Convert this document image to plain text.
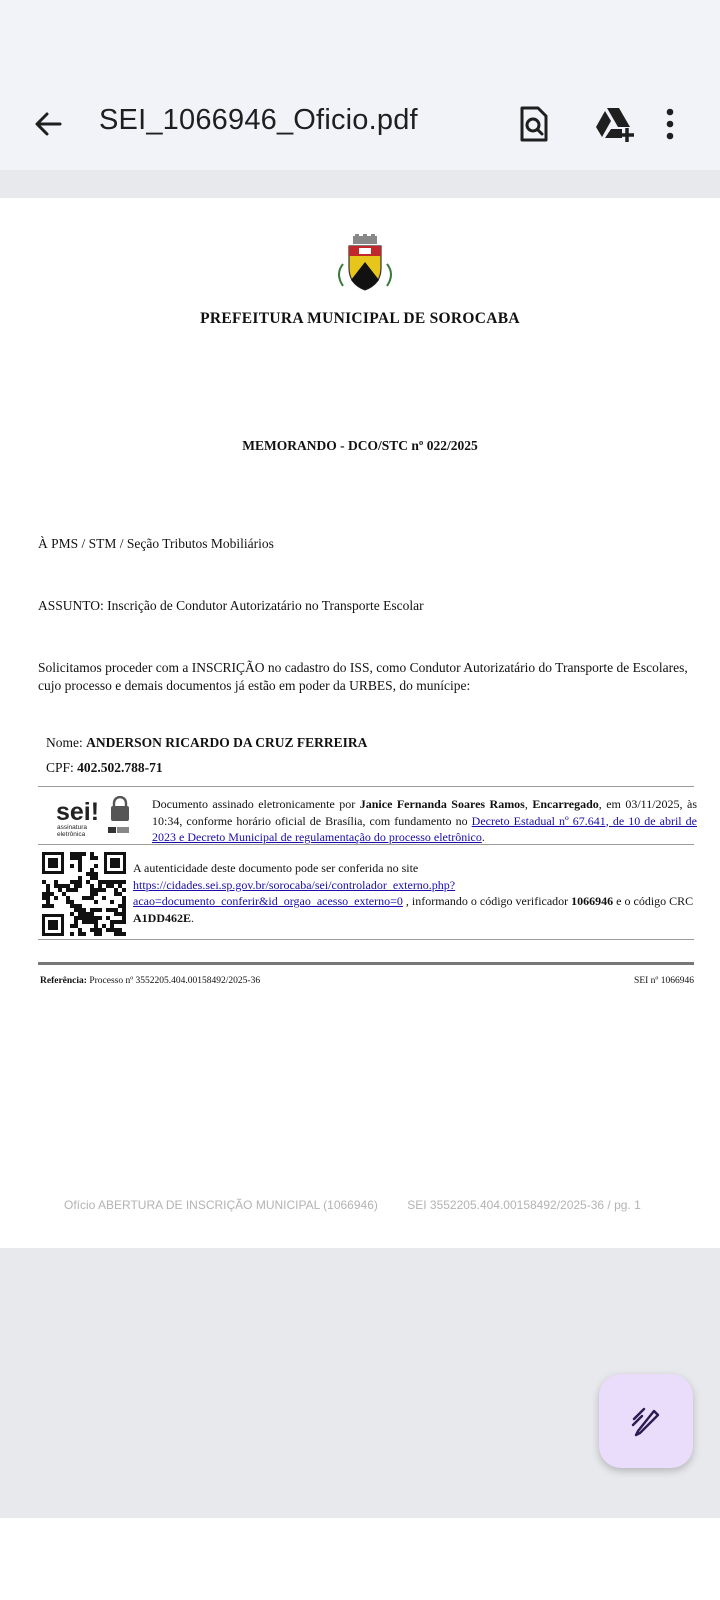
SEI_1066946_Oficio.pdf
PREFEITURA MUNICIPAL DE SOROCABA
MEMORANDO - DCO/STC nº 022/2025
À PMS / STM / Seção Tributos Mobiliários
ASSUNTO: Inscrição de Condutor Autorizatário no Transporte Escolar
Solicitamos proceder com a INSCRIÇÃO no cadastro do ISS, como Condutor Autorizatário do Transporte de Escolares, cujo processo e demais documentos já estão em poder da URBES, do munícipe:
Nome: ANDERSON RICARDO DA CRUZ FERREIRA
CPF: 402.502.788-71
sei!
assinatura
eletrônica
Documento assinado eletronicamente por Janice Fernanda Soares Ramos, Encarregado, em 03/11/2025, às 10:34, conforme horário oficial de Brasília, com fundamento no Decreto Estadual nº 67.641, de 10 de abril de 2023 e Decreto Municipal de regulamentação do processo eletrônico.
A autenticidade deste documento pode ser conferida no site
https://cidades.sei.sp.gov.br/sorocaba/sei/controlador_externo.php?
acao=documento_conferir&id_orgao_acesso_externo=0 , informando o código verificador 1066946 e o código CRC A1DD462E.
Referência: Processo nº 3552205.404.00158492/2025-36	SEI nº 1066946
Ofício ABERTURA DE INSCRIÇÃO MUNICIPAL (1066946) SEI 3552205.404.00158492/2025-36 / pg. 1
